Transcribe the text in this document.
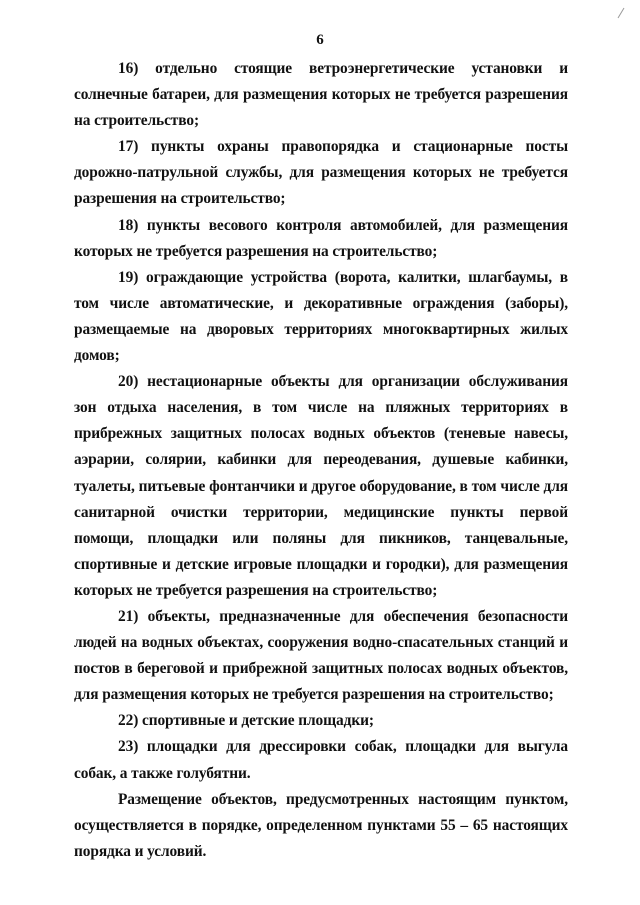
6

16) отдельно стоящие ветроэнергетические установки и солнечные батареи, для размещения которых не требуется разрешения на строительство;

17) пункты охраны правопорядка и стационарные посты дорожно-патрульной службы, для размещения которых не требуется разрешения на строительство;

18) пункты весового контроля автомобилей, для размещения которых не требуется разрешения на строительство;

19) ограждающие устройства (ворота, калитки, шлагбаумы, в том числе автоматические, и декоративные ограждения (заборы), размещаемые на дворовых территориях многоквартирных жилых домов;

20) нестационарные объекты для организации обслуживания зон отдыха населения, в том числе на пляжных территориях в прибрежных защитных полосах водных объектов (теневые навесы, аэрарии, солярии, кабинки для переодевания, душевые кабинки, туалеты, питьевые фонтанчики и другое оборудование, в том числе для санитарной очистки территории, медицинские пункты первой помощи, площадки или поляны для пикников, танцевальные, спортивные и детские игровые площадки и городки), для размещения которых не требуется разрешения на строительство;

21) объекты, предназначенные для обеспечения безопасности людей на водных объектах, сооружения водно-спасательных станций и постов в береговой и прибрежной защитных полосах водных объектов, для размещения которых не требуется разрешения на строительство;

22) спортивные и детские площадки;

23) площадки для дрессировки собак, площадки для выгула собак, а также голубятни.

Размещение объектов, предусмотренных настоящим пунктом, осуществляется в порядке, определенном пунктами 55 – 65 настоящих порядка и условий.
